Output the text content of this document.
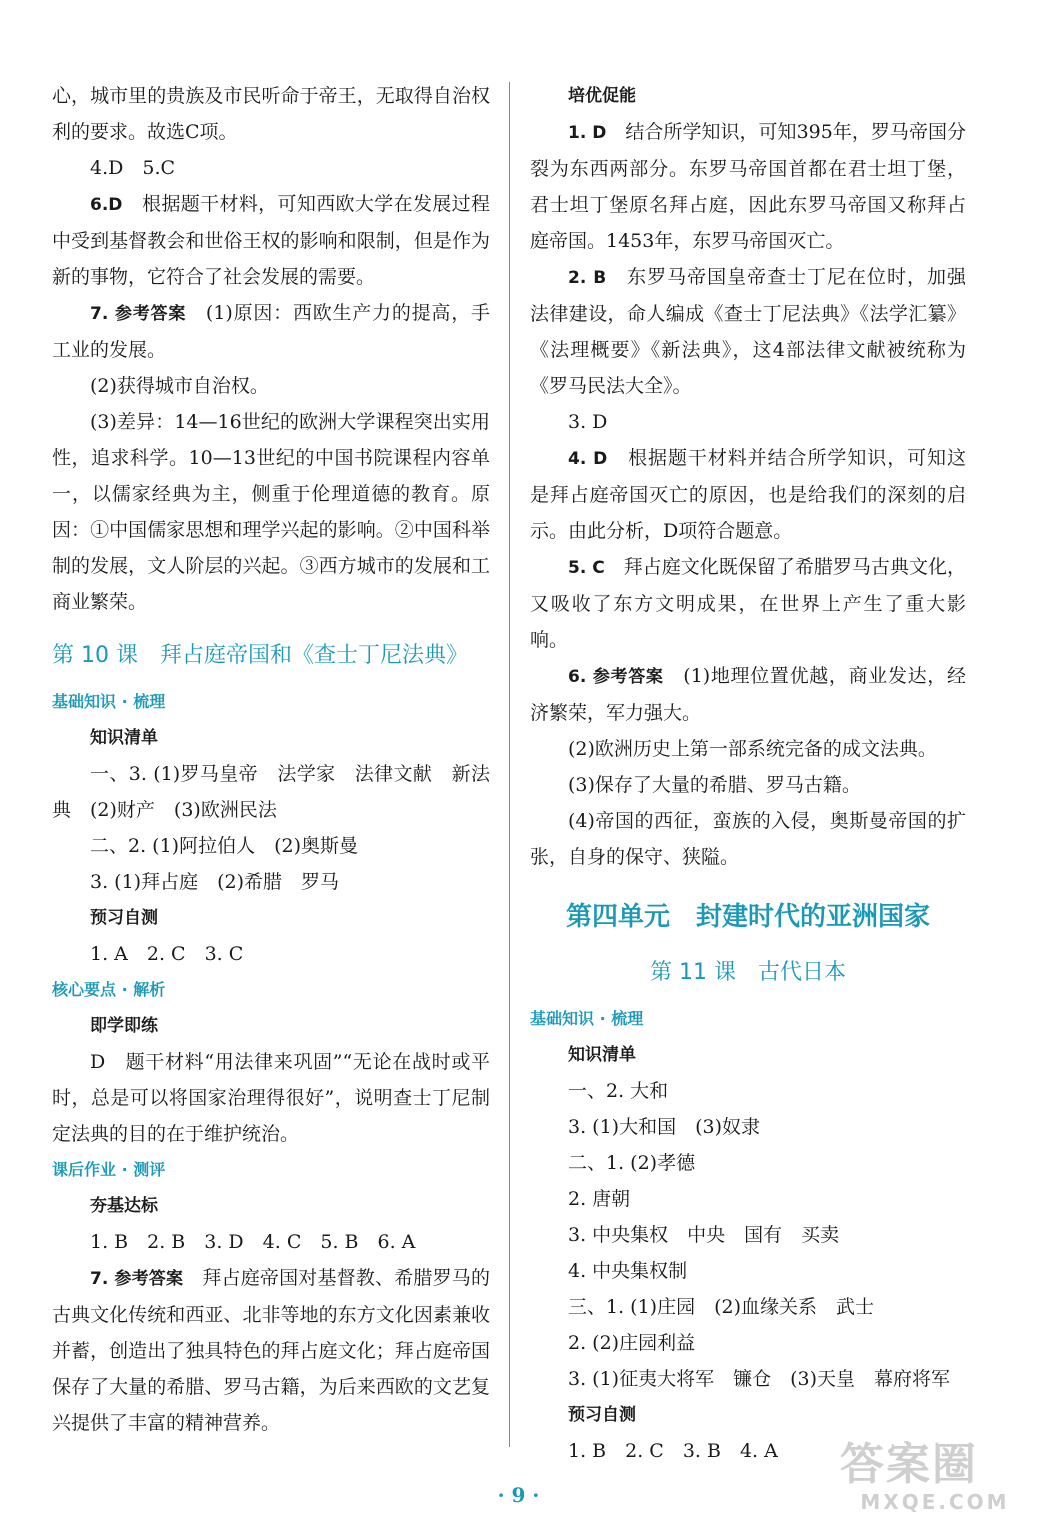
心，城市里的贵族及市民听命于帝王，无取得自治权利的要求。故选C项。

4.D　5.C

6.D　根据题干材料，可知西欧大学在发展过程中受到基督教会和世俗王权的影响和限制，但是作为新的事物，它符合了社会发展的需要。

7. 参考答案　 (1)原因：西欧生产力的提高，手工业的发展。

(2)获得城市自治权。

(3)差异：14—16世纪的欧洲大学课程突出实用性，追求科学。10—13世纪的中国书院课程内容单一，以儒家经典为主，侧重于伦理道德的教育。原因：①中国儒家思想和理学兴起的影响。②中国科举制的发展，文人阶层的兴起。③西方城市的发展和工商业繁荣。

第 10 课　拜占庭帝国和《查士丁尼法典》

基础知识 · 梳理

知识清单

一、3. (1)罗马皇帝　法学家　法律文献　新法典　(2)财产　(3)欧洲民法

二、2. (1)阿拉伯人　(2)奥斯曼

3. (1)拜占庭　(2)希腊　罗马

预习自测

1. A　2. C　3. C

核心要点 · 解析

即学即练

D　题干材料“用法律来巩固”“无论在战时或平时，总是可以将国家治理得很好”，说明查士丁尼制定法典的目的在于维护统治。

课后作业 · 测评

夯基达标

1. B　2. B　3. D　4. C　5. B　6. A

7. 参考答案　 拜占庭帝国对基督教、希腊罗马的古典文化传统和西亚、北非等地的东方文化因素兼收并蓄，创造出了独具特色的拜占庭文化；拜占庭帝国保存了大量的希腊、罗马古籍，为后来西欧的文艺复兴提供了丰富的精神营养。

培优促能

1. D　结合所学知识，可知395年，罗马帝国分裂为东西两部分。东罗马帝国首都在君士坦丁堡，君士坦丁堡原名拜占庭，因此东罗马帝国又称拜占庭帝国。1453年，东罗马帝国灭亡。

2. B　东罗马帝国皇帝查士丁尼在位时，加强法律建设，命人编成《查士丁尼法典》《法学汇纂》《法理概要》《新法典》，这4部法律文献被统称为《罗马民法大全》。

3. D

4. D　根据题干材料并结合所学知识，可知这是拜占庭帝国灭亡的原因，也是给我们的深刻的启示。由此分析，D项符合题意。

5. C　拜占庭文化既保留了希腊罗马古典文化，又吸收了东方文明成果，在世界上产生了重大影响。

6. 参考答案　 (1)地理位置优越，商业发达，经济繁荣，军力强大。

(2)欧洲历史上第一部系统完备的成文法典。

(3)保存了大量的希腊、罗马古籍。

(4)帝国的西征，蛮族的入侵，奥斯曼帝国的扩张，自身的保守、狭隘。

第四单元　封建时代的亚洲国家
第 11 课　古代日本

基础知识 · 梳理

知识清单

一、2. 大和

3. (1)大和国　(3)奴隶

二、1. (2)孝德

2. 唐朝

3. 中央集权　中央　国有　买卖

4. 中央集权制

三、1. (1)庄园　(2)血缘关系　武士

2. (2)庄园利益

3. (1)征夷大将军　镰仓　(3)天皇　幕府将军

预习自测

1. B　2. C　3. B　4. A

· 9 ·
答案圈
MXQE.COM
